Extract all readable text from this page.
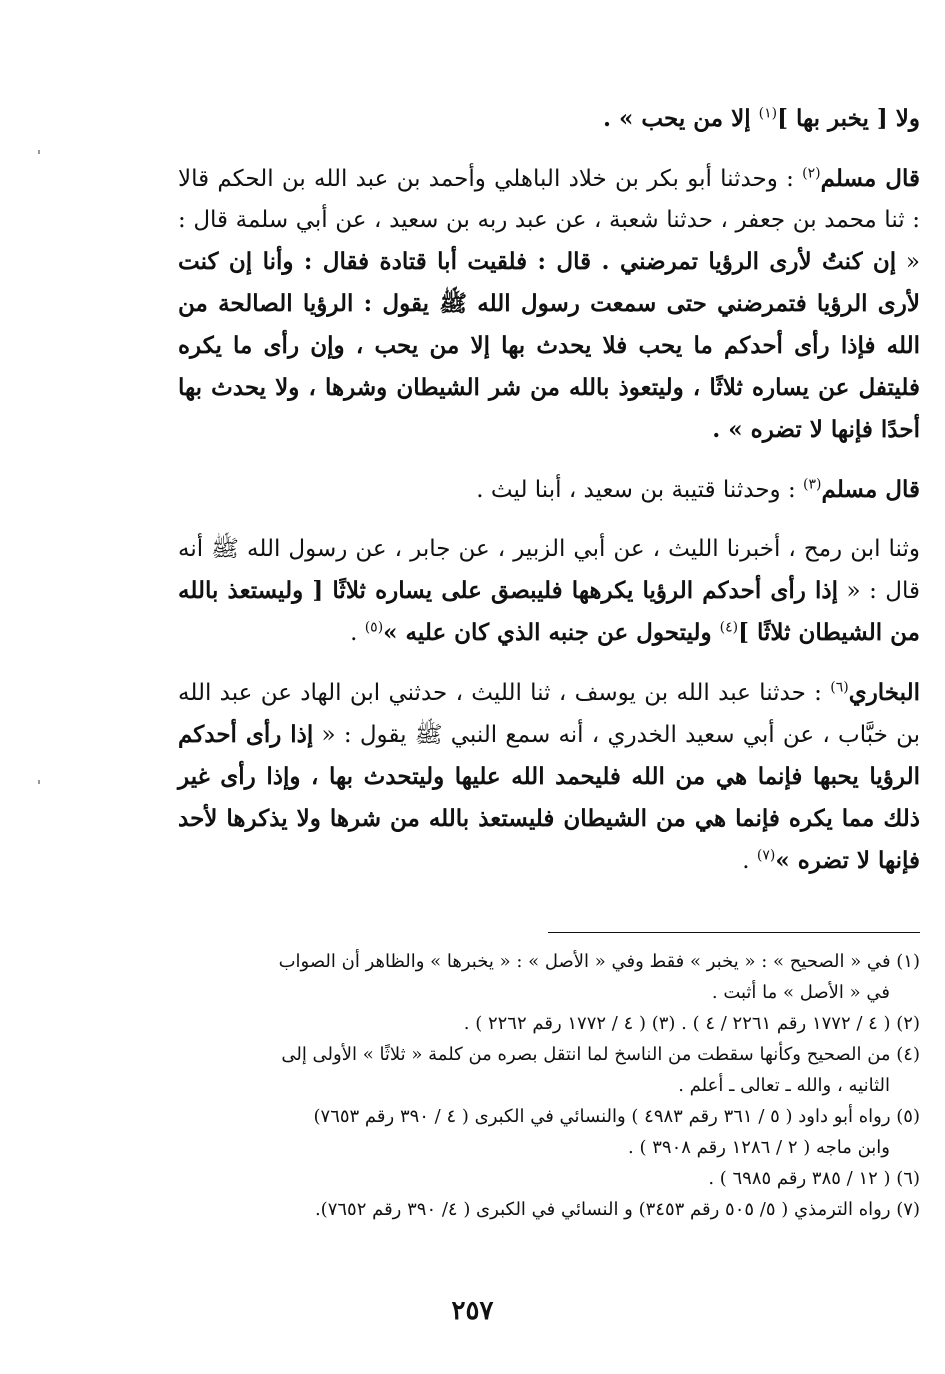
ولا [ يخبر بها ]$^{(١)}$ إلا من يحب » .

قال مسلم$^{(٢)}$ : وحدثنا أبو بكر بن خلاد الباهلي وأحمد بن عبد الله بن الحكم قالا : ثنا محمد بن جعفر ، حدثنا شعبة ، عن عبد ربه بن سعيد ، عن أبي سلمة قال : « إن كنتُ لأرى الرؤيا تمرضني . قال : فلقيت أبا قتادة فقال : وأنا إن كنت لأرى الرؤيا فتمرضني حتى سمعت رسول الله ﷺ يقول : الرؤيا الصالحة من الله فإذا رأى أحدكم ما يحب فلا يحدث بها إلا من يحب ، وإن رأى ما يكره فليتفل عن يساره ثلاثًا ، وليتعوذ بالله من شر الشيطان وشرها ، ولا يحدث بها أحدًا فإنها لا تضره » .

قال مسلم$^{(٣)}$ : وحدثنا قتيبة بن سعيد ، أبنا ليث .

وثنا ابن رمح ، أخبرنا الليث ، عن أبي الزبير ، عن جابر ، عن رسول الله ﷺ أنه قال : « إذا رأى أحدكم الرؤيا يكرهها فليبصق على يساره ثلاثًا [ وليستعذ بالله من الشيطان ثلاثًا ]$^{(٤)}$ وليتحول عن جنبه الذي كان عليه »$^{(٥)}$ .

البخاري$^{(٦)}$ : حدثنا عبد الله بن يوسف ، ثنا الليث ، حدثني ابن الهاد عن عبد الله بن خبَّاب ، عن أبي سعيد الخدري ، أنه سمع النبي ﷺ يقول : « إذا رأى أحدكم الرؤيا يحبها فإنما هي من الله فليحمد الله عليها وليتحدث بها ، وإذا رأى غير ذلك مما يكره فإنما هي من الشيطان فليستعذ بالله من شرها ولا يذكرها لأحد فإنها لا تضره »$^{(٧)}$ .

(١) في « الصحيح » : « يخبر » فقط وفي « الأصل » : « يخبرها » والظاهر أن الصواب

في « الأصل » ما أثبت .

(٢) ( ٤ / ١٧٧٢ رقم ٢٢٦١ / ٤ ) . (٣) ( ٤ / ١٧٧٢ رقم ٢٢٦٢ ) .

(٤) من الصحيح وكأنها سقطت من الناسخ لما انتقل بصره من كلمة « ثلاثًا » الأولى إلى

الثانيه ، والله ـ تعالى ـ أعلم .

(٥) رواه أبو داود ( ٥ / ٣٦١ رقم ٤٩٨٣ ) والنسائي في الكبرى ( ٤ / ٣٩٠ رقم ٧٦٥٣)

وابن ماجه ( ٢ / ١٢٨٦ رقم ٣٩٠٨ ) .

(٦) ( ١٢ / ٣٨٥ رقم ٦٩٨٥ ) .

(٧) رواه الترمذي ( ٥/ ٥٠٥ رقم ٣٤٥٣) و النسائي في الكبرى ( ٤/ ٣٩٠ رقم ٧٦٥٢).

٢٥٧
